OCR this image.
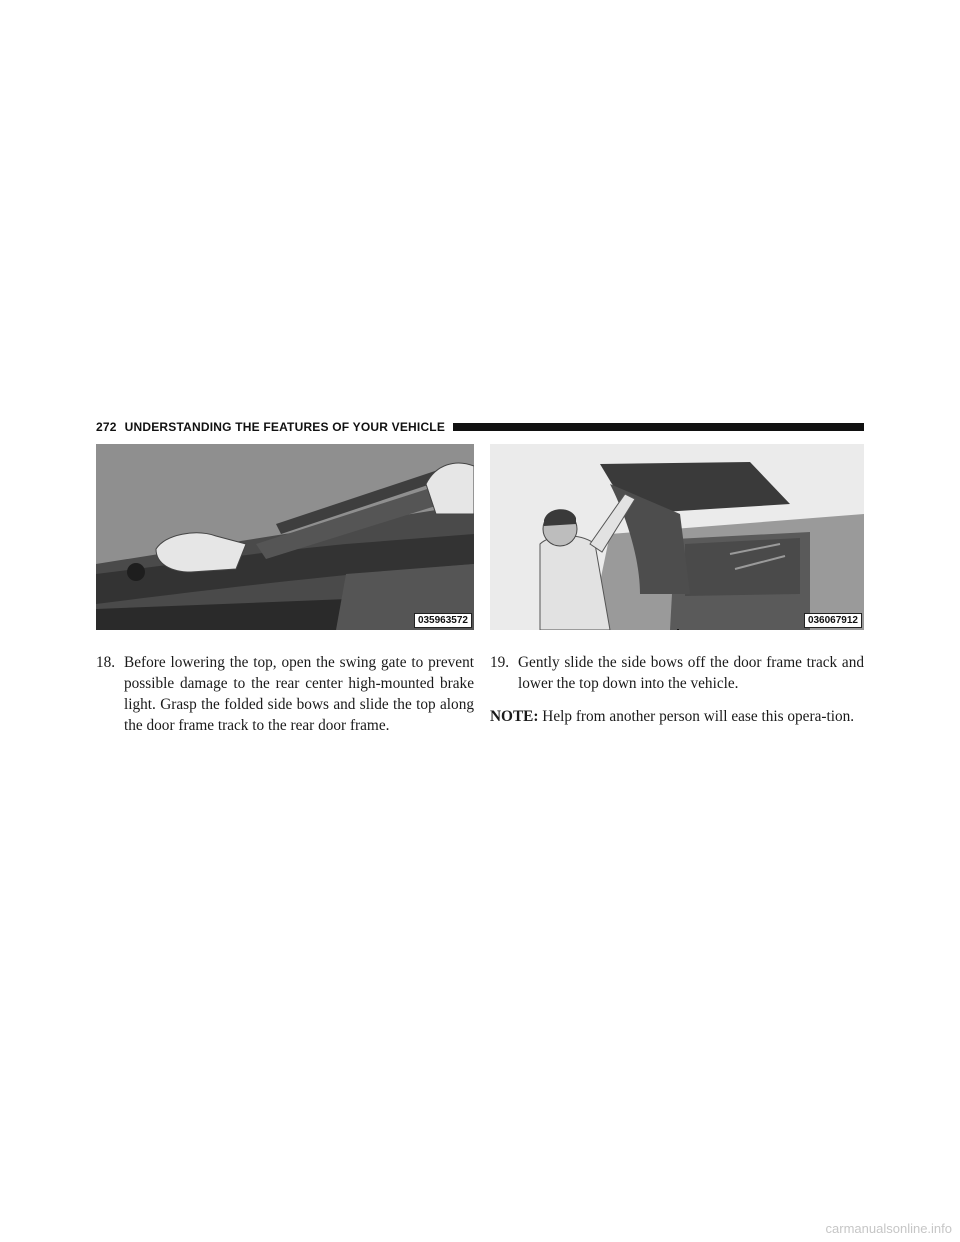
272 UNDERSTANDING THE FEATURES OF YOUR VEHICLE
035963572	036067912
18. Before lowering the top, open the swing gate to prevent possible damage to the rear center high-mounted brake light. Grasp the folded side bows and slide the top along the door frame track to the rear door frame.
19. Gently slide the side bows off the door frame track and lower the top down into the vehicle.
NOTE: Help from another person will ease this opera-tion.
carmanualsonline.info
